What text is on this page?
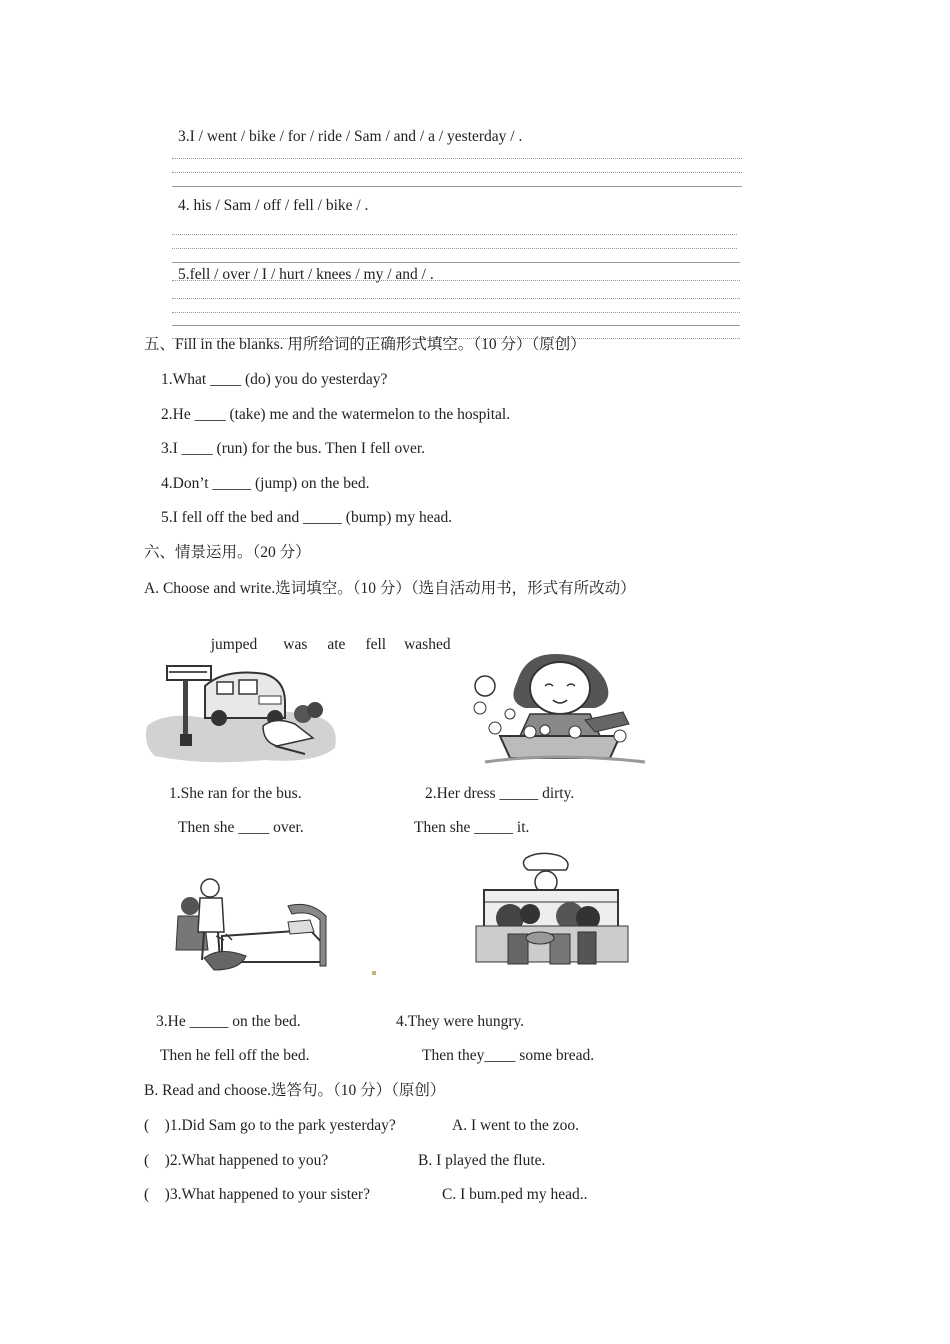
3.I / went / bike / for / ride / Sam / and / a / yesterday / .
4. his / Sam / off / fell / bike / .
5.fell / over / I / hurt / knees / my / and / .
五、Fill in the blanks. 用所给词的正确形式填空。（10 分）（原创）
1.What ____ (do) you do yesterday?
2.He ____ (take) me and the watermelon to the hospital.
3.I ____ (run) for the bus. Then I fell over.
4.Don’t _____ (jump) on the bed.
5.I fell off the bed and _____ (bump) my head.
六、情景运用。（20 分）
A. Choose and write.选词填空。（10 分）（选自活动用书，形式有所改动）

jumped was ate fell washed

1.She ran for the bus.
Then she ____ over.
2.Her dress _____ dirty.
Then she _____ it.
3.He _____ on the bed.
Then he fell off the bed.
4.They were hungry.
Then they____ some bread.
B. Read and choose.选答句。（10 分）（原创）
(    )1.Did Sam go to the park yesterday?	A. I went to the zoo.
(    )2.What happened to you?	B. I played the flute.
(    )3.What happened to your sister?	C. I bum.ped my head..
